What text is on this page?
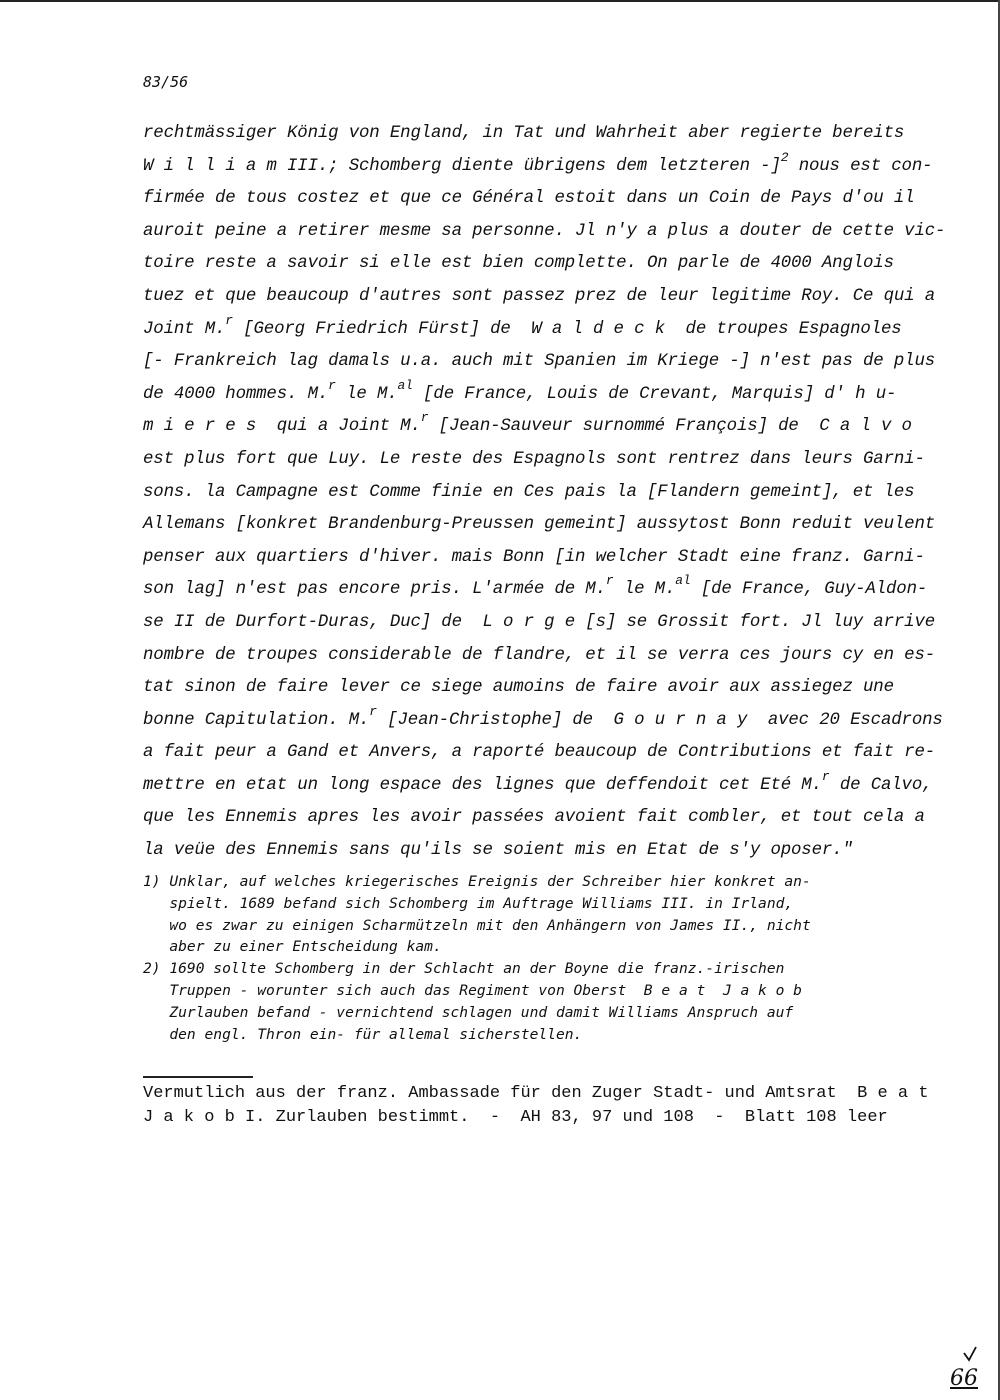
83/56
rechtmässiger König von England, in Tat und Wahrheit aber regierte bereits
W i l l i a m III.; Schomberg diente übrigens dem letzteren -]$^2$ nous est con-
firmée de tous costez et que ce Général estoit dans un Coin de Pays d'ou il
auroit peine a retirer mesme sa personne. Jl n'y a plus a douter de cette vic-
toire reste a savoir si elle est bien complette. On parle de 4000 Anglois
tuez et que beaucoup d'autres sont passez prez de leur legitime Roy. Ce qui a
Joint M.$^r$ [Georg Friedrich Fürst] de  W a l d e c k  de troupes Espagnoles
[- Frankreich lag damals u.a. auch mit Spanien im Kriege -] n'est pas de plus
de 4000 hommes. M.$^r$ le M.$^{al}$ [de France, Louis de Crevant, Marquis] d' h u-
m i e r e s  qui a Joint M.$^r$ [Jean-Sauveur surnommé François] de  C a l v o
est plus fort que Luy. Le reste des Espagnols sont rentrez dans leurs Garni-
sons. la Campagne est Comme finie en Ces pais la [Flandern gemeint], et les
Allemans [konkret Brandenburg-Preussen gemeint] aussytost Bonn reduit veulent
penser aux quartiers d'hiver. mais Bonn [in welcher Stadt eine franz. Garni-
son lag] n'est pas encore pris. L'armée de M.$^r$ le M.$^{al}$ [de France, Guy-Aldon-
se II de Durfort-Duras, Duc] de  L o r g e [s] se Grossit fort. Jl luy arrive
nombre de troupes considerable de flandre, et il se verra ces jours cy en es-
tat sinon de faire lever ce siege aumoins de faire avoir aux assiegez une
bonne Capitulation. M.$^r$ [Jean-Christophe] de  G o u r n a y  avec 20 Escadrons
a fait peur a Gand et Anvers, a raporté beaucoup de Contributions et fait re-
mettre en etat un long espace des lignes que deffendoit cet Eté M.$^r$ de Calvo,
que les Ennemis apres les avoir passées avoient fait combler, et tout cela a
la veüe des Ennemis sans qu'ils se soient mis en Etat de s'y oposer."
1) Unklar, auf welches kriegerisches Ereignis der Schreiber hier konkret an-
spielt. 1689 befand sich Schomberg im Auftrage Williams III. in Irland,
wo es zwar zu einigen Scharmützeln mit den Anhängern von James II., nicht
aber zu einer Entscheidung kam.
2) 1690 sollte Schomberg in der Schlacht an der Boyne die franz.-irischen
Truppen - worunter sich auch das Regiment von Oberst  B e a t  J a k o b
Zurlauben befand - vernichtend schlagen und damit Williams Anspruch auf
den engl. Thron ein- für allemal sicherstellen.
Vermutlich aus der franz. Ambassade für den Zuger Stadt- und Amtsrat  B e a t
J a k o b I. Zurlauben bestimmt.  -  AH 83, 97 und 108  -  Blatt 108 leer
66
